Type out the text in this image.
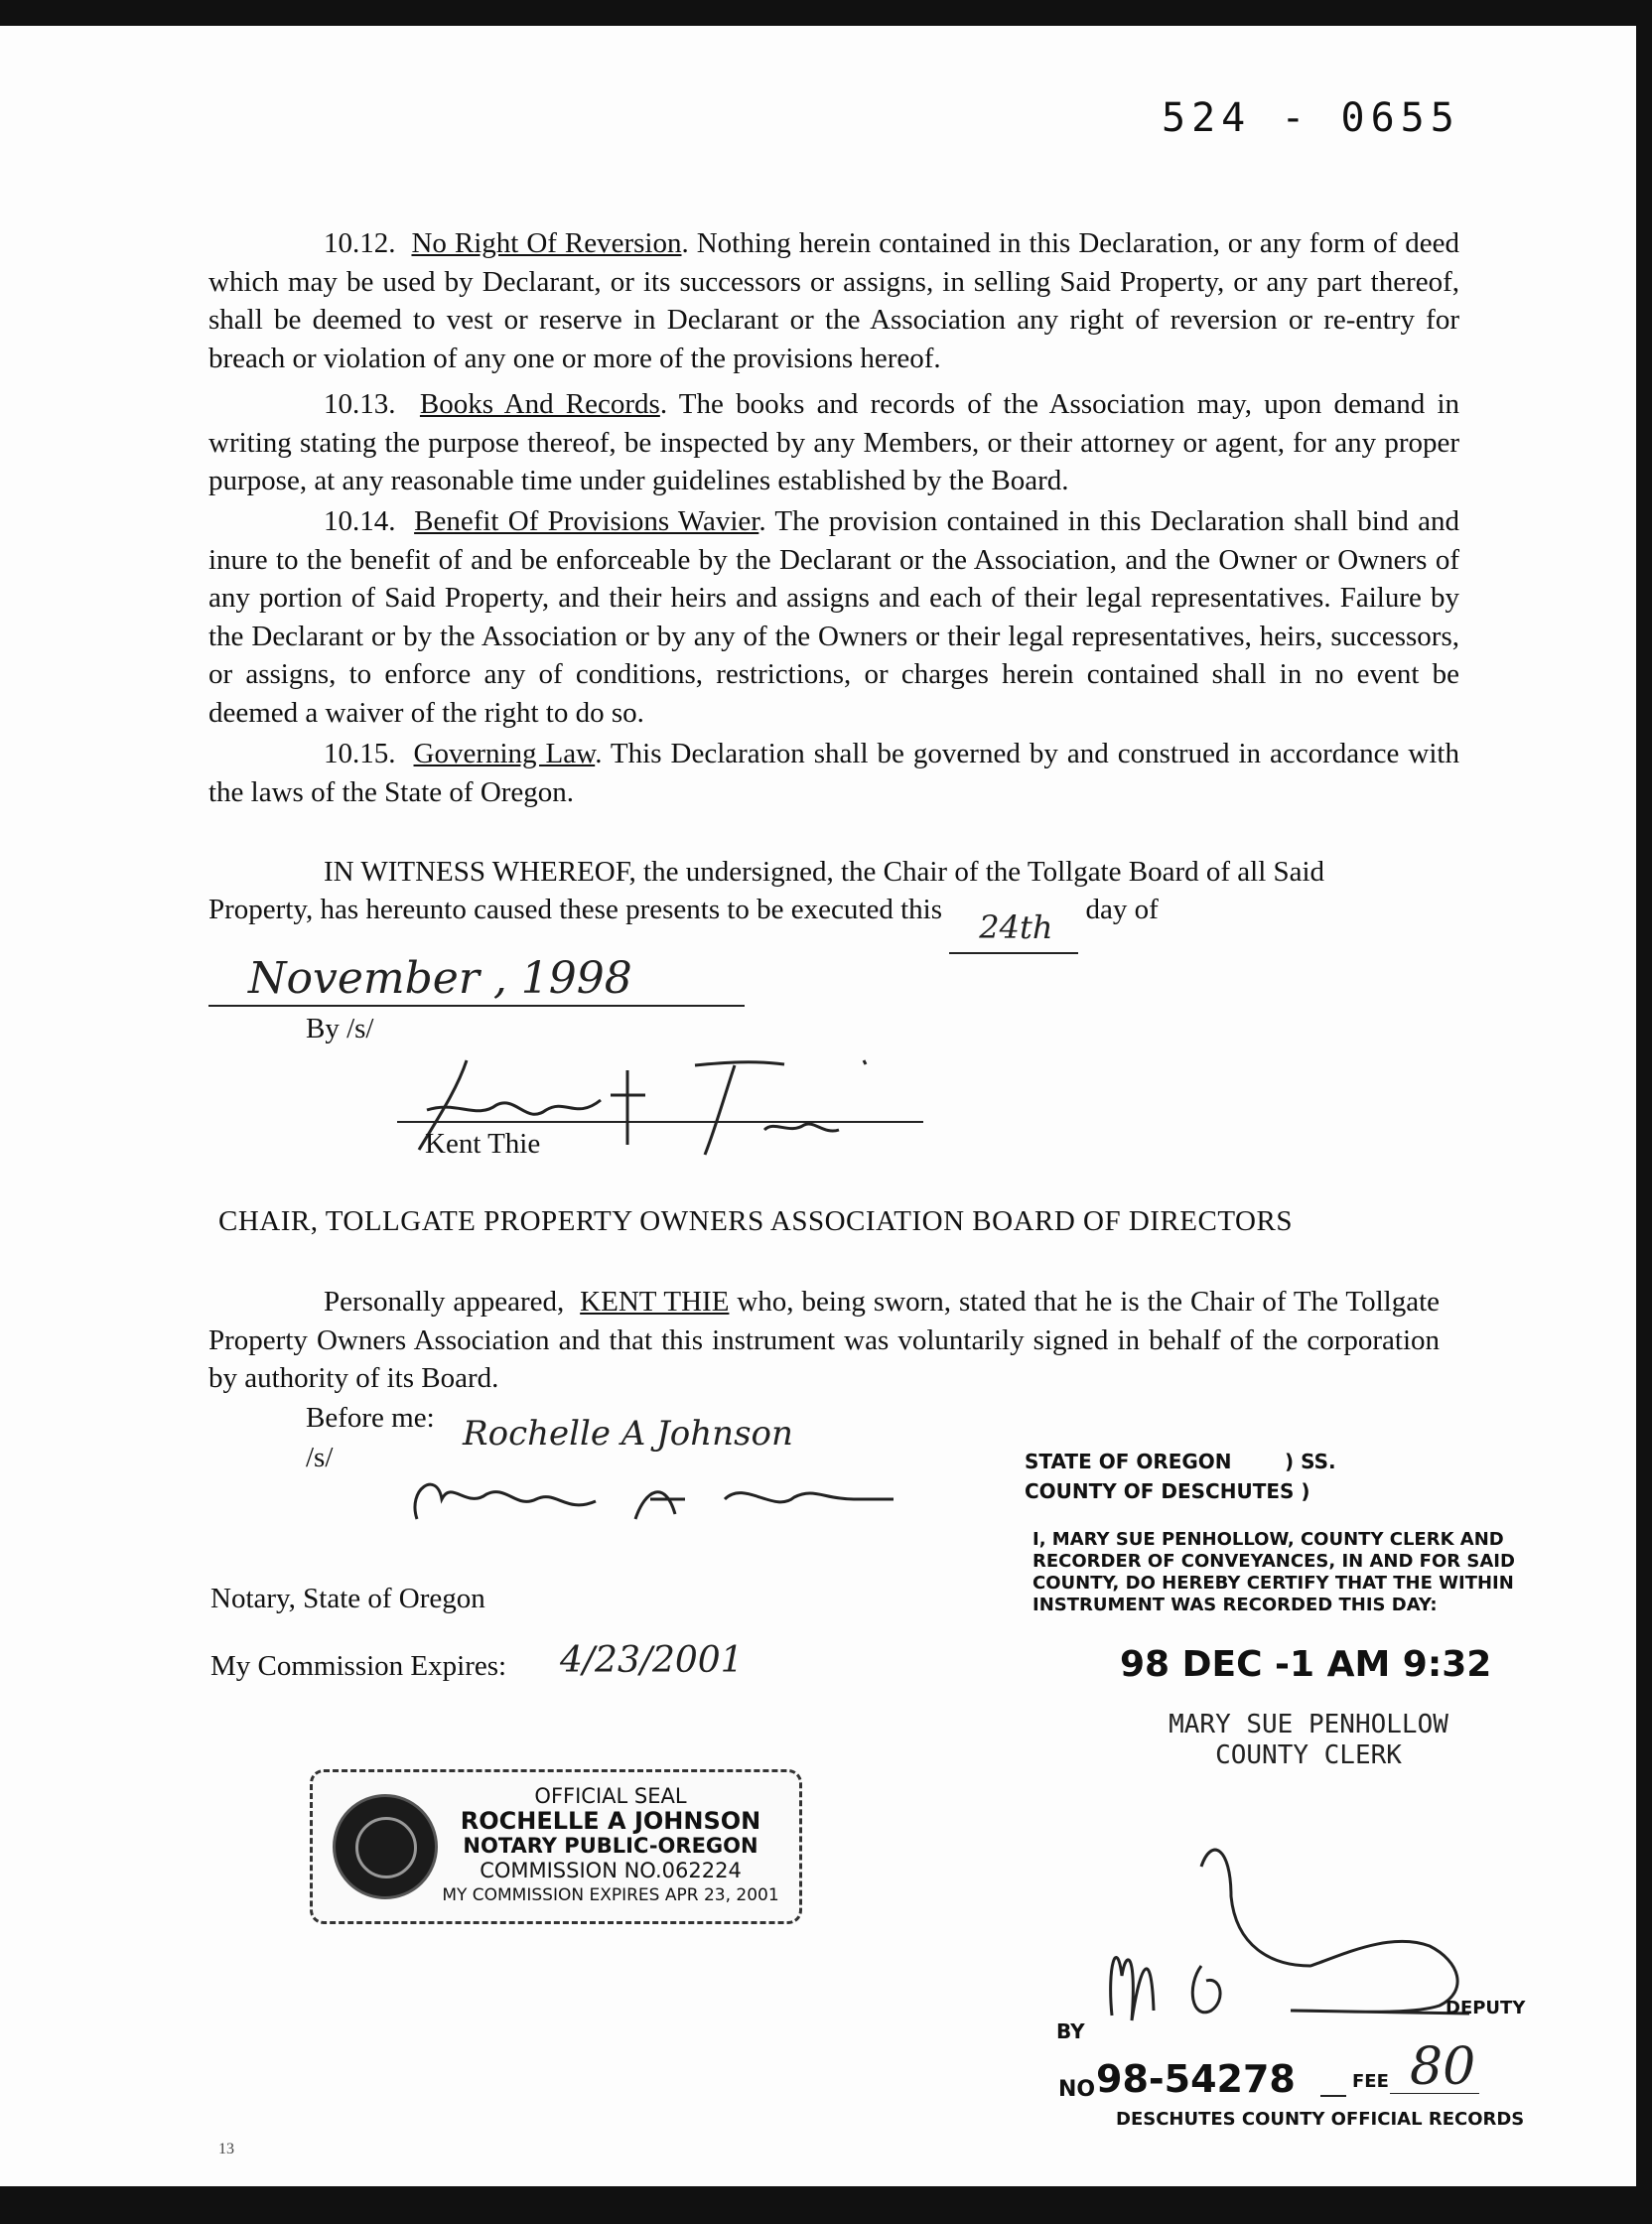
524 - 0655

10.12. No Right Of Reversion. Nothing herein contained in this Declaration, or any form of deed which may be used by Declarant, or its successors or assigns, in selling Said Property, or any part thereof, shall be deemed to vest or reserve in Declarant or the Association any right of reversion or re-entry for breach or violation of any one or more of the provisions hereof.

10.13. Books And Records. The books and records of the Association may, upon demand in writing stating the purpose thereof, be inspected by any Members, or their attorney or agent, for any proper purpose, at any reasonable time under guidelines established by the Board.

10.14. Benefit Of Provisions Wavier. The provision contained in this Declaration shall bind and inure to the benefit of and be enforceable by the Declarant or the Association, and the Owner or Owners of any portion of Said Property, and their heirs and assigns and each of their legal representatives. Failure by the Declarant or by the Association or by any of the Owners or their legal representatives, heirs, successors, or assigns, to enforce any of conditions, restrictions, or charges herein contained shall in no event be deemed a waiver of the right to do so.

10.15. Governing Law. This Declaration shall be governed by and construed in accordance with the laws of the State of Oregon.

IN WITNESS WHEREOF, the undersigned, the Chair of the Tollgate Board of all Said
Property, has hereunto caused these presents to be executed this 24th day of
November , 1998
By /s/
Kent Thie
CHAIR, TOLLGATE PROPERTY OWNERS ASSOCIATION BOARD OF DIRECTORS

Personally appeared, KENT THIE who, being sworn, stated that he is the Chair of The Tollgate Property Owners Association and that this instrument was voluntarily signed in behalf of the corporation by authority of its Board.

Before me: Rochelle A Johnson
/s/
Notary, State of Oregon
My Commission Expires: 4/23/2001
OFFICIAL SEAL
ROCHELLE A JOHNSON
NOTARY PUBLIC-OREGON
COMMISSION NO.062224
MY COMMISSION EXPIRES APR 23, 2001
STATE OF OREGON	) SS.
COUNTY OF DESCHUTES )
I, MARY SUE PENHOLLOW, COUNTY CLERK AND
RECORDER OF CONVEYANCES, IN AND FOR SAID
COUNTY, DO HEREBY CERTIFY THAT THE WITHIN
INSTRUMENT WAS RECORDED THIS DAY:
98 DEC -1 AM 9:32
MARY SUE PENHOLLOW
COUNTY CLERK
BY
DEPUTY
NO 98-54278	FEE 80
DESCHUTES COUNTY OFFICIAL RECORDS
13
